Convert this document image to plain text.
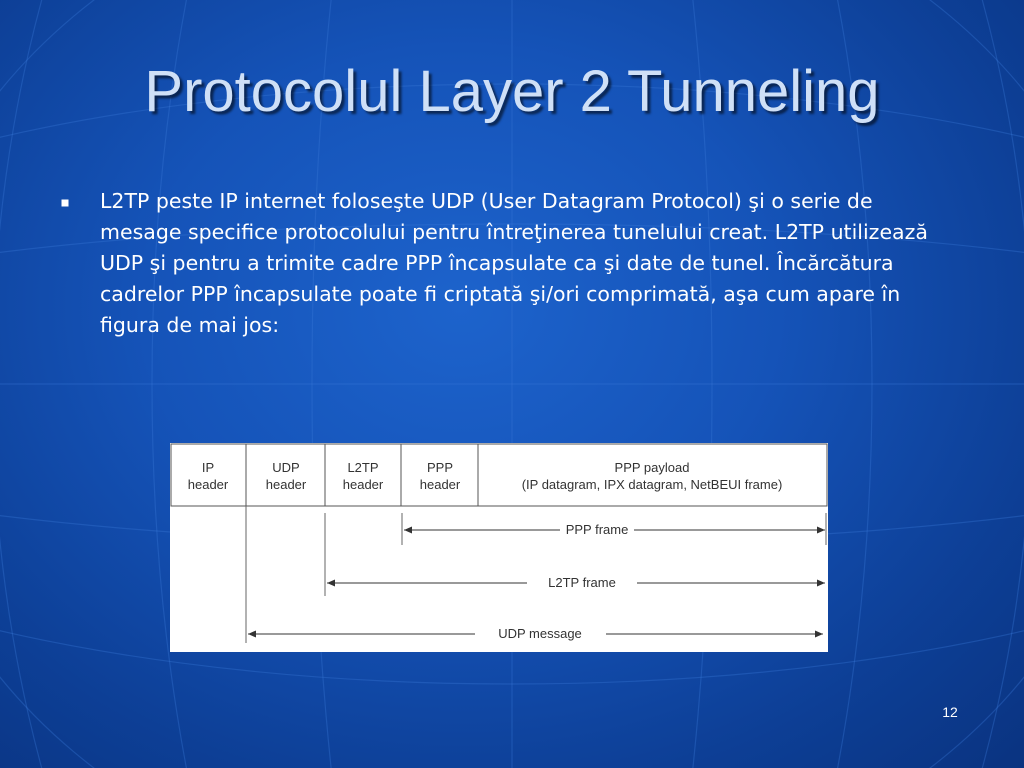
Protocolul Layer 2 Tunneling
L2TP peste IP internet foloseşte UDP (User Datagram Protocol) şi o serie de mesage specifice protocolului pentru întreţinerea tunelului creat. L2TP utilizează UDP şi pentru a trimite cadre PPP încapsulate ca şi date de tunel. Încărcătura cadrelor PPP încapsulate poate fi criptată şi/ori comprimată, aşa cum apare în figura de mai jos:
IP
header
UDP
header
L2TP
header
PPP
header
PPP payload
(IP datagram, IPX datagram, NetBEUI frame)
PPP frame
L2TP frame
UDP message
12
